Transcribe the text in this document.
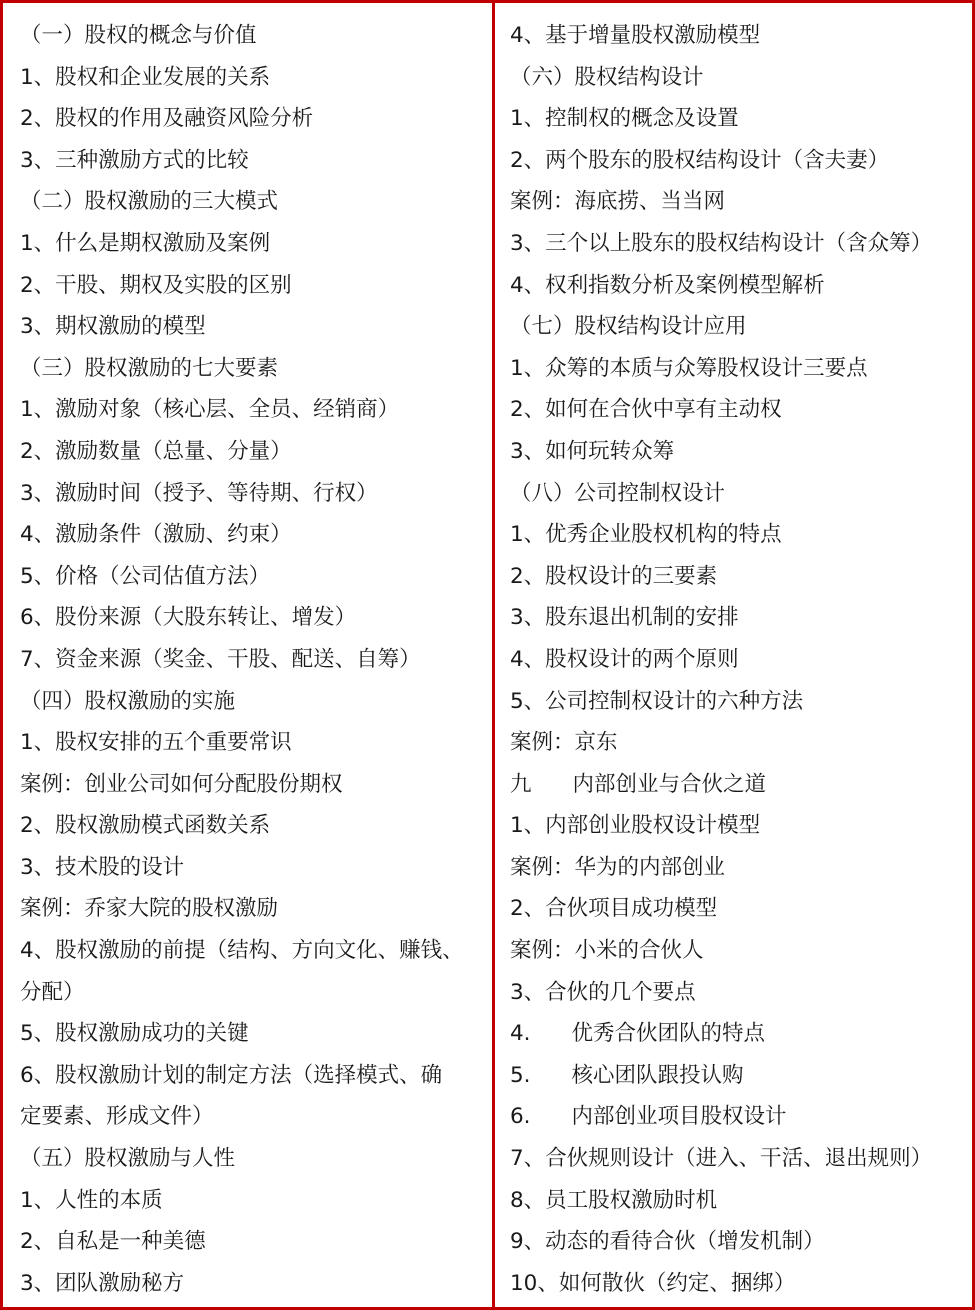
（一）股权的概念与价值
1、股权和企业发展的关系
2、股权的作用及融资风险分析
3、三种激励方式的比较
（二）股权激励的三大模式
1、什么是期权激励及案例
2、干股、期权及实股的区别
3、期权激励的模型
（三）股权激励的七大要素
1、激励对象（核心层、全员、经销商）
2、激励数量（总量、分量）
3、激励时间（授予、等待期、行权）
4、激励条件（激励、约束）
5、价格（公司估值方法）
6、股份来源（大股东转让、增发）
7、资金来源（奖金、干股、配送、自筹）
（四）股权激励的实施
1、股权安排的五个重要常识
案例：创业公司如何分配股份期权
2、股权激励模式函数关系
3、技术股的设计
案例：乔家大院的股权激励
4、股权激励的前提（结构、方向文化、赚钱、
分配）
5、股权激励成功的关键
6、股权激励计划的制定方法（选择模式、确
定要素、形成文件）
（五）股权激励与人性
1、人性的本质
2、自私是一种美德
3、团队激励秘方
4、基于增量股权激励模型
（六）股权结构设计
1、控制权的概念及设置
2、两个股东的股权结构设计（含夫妻）
案例：海底捞、当当网
3、三个以上股东的股权结构设计（含众筹）
4、权利指数分析及案例模型解析
（七）股权结构设计应用
1、众筹的本质与众筹股权设计三要点
2、如何在合伙中享有主动权
3、如何玩转众筹
（八）公司控制权设计
1、优秀企业股权机构的特点
2、股权设计的三要素
3、股东退出机制的安排
4、股权设计的两个原则
5、公司控制权设计的六种方法
案例：京东
九      内部创业与合伙之道
1、内部创业股权设计模型
案例：华为的内部创业
2、合伙项目成功模型
案例：小米的合伙人
3、合伙的几个要点
4.      优秀合伙团队的特点
5.      核心团队跟投认购
6.      内部创业项目股权设计
7、合伙规则设计（进入、干活、退出规则）
8、员工股权激励时机
9、动态的看待合伙（增发机制）
10、如何散伙（约定、捆绑）
